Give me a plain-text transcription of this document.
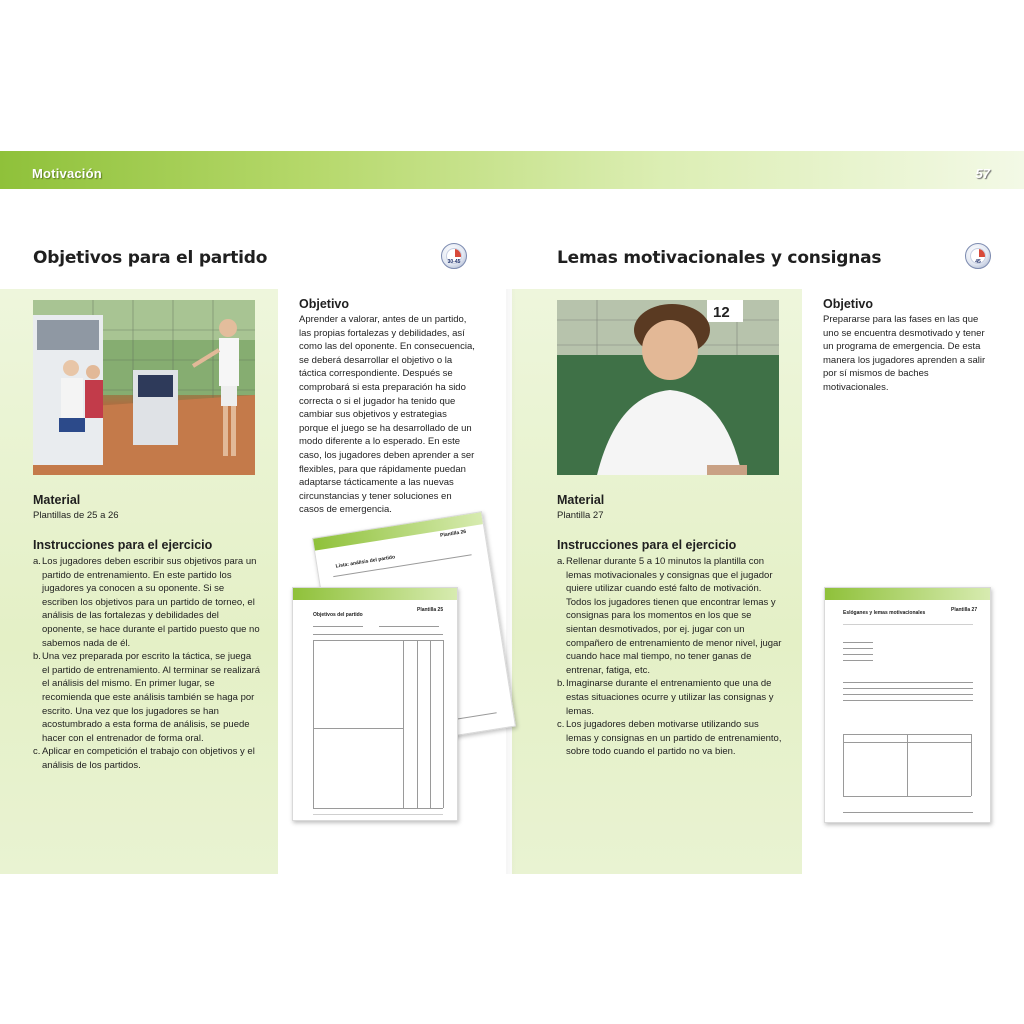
Motivación	57
Objetivos para el partido	30-45	Lemas motivacionales y consignas	45
12
Material
Plantillas de 25 a 26
Instrucciones para el ejercicio
a. Los jugadores deben escribir sus objetivos para un partido de entrenamiento. En este partido los jugadores ya conocen a su oponente. Si se escriben los objetivos para un partido de torneo, el análisis de las fortalezas y debilidades del oponente, se hace durante el partido puesto que no sabemos nada de él.
b. Una vez preparada por escrito la táctica, se juega el partido de entrenamiento. Al terminar se realizará el análisis del mismo. En primer lugar, se recomienda que este análisis también se haga por escrito. Una vez que los jugadores se han acostumbrado a esta forma de análisis, se puede hacer con el entrenador de forma oral.
c. Aplicar en competición el trabajo con objetivos y el análisis de los partidos.
Objetivo
Aprender a valorar, antes de un partido, las propias fortalezas y debilidades, así como las del oponente. En consecuencia, se deberá desarrollar el objetivo o la táctica correspondiente. Después se comprobará si esta preparación ha sido correcta o si el jugador ha tenido que cambiar sus objetivos y estrategias porque el juego se ha desarrollado de un modo diferente a lo esperado. En este caso, los jugadores deben aprender a ser flexibles, para que rápidamente puedan adaptarse tácticamente a las nuevas circunstancias y tener soluciones en casos de emergencia.
Lista: análisis del partido
Plantilla 26
Objetivos del partido
Plantilla 25
Material
Plantilla 27
Instrucciones para el ejercicio
a. Rellenar durante 5 a 10 minutos la plantilla con lemas motivacionales y consignas que el jugador quiere utilizar cuando esté falto de motivación. Todos los jugadores tienen que encontrar lemas y consignas para los momentos en los que se sientan desmotivados, por ej. jugar con un compañero de entrenamiento de menor nivel, jugar cuando hace mal tiempo, no tener ganas de entrenar, fatiga, etc.
b. Imaginarse durante el entrenamiento que una de estas situaciones ocurre y utilizar las consignas y lemas.
c. Los jugadores deben motivarse utilizando sus lemas y consignas en un partido de entrenamiento, sobre todo cuando el partido no va bien.
Objetivo
Prepararse para las fases en las que uno se encuentra desmotivado y tener un programa de emergencia. De esta manera los jugadores aprenden a salir por sí mismos de baches motivacionales.
Eslóganes y lemas motivacionales	Plantilla 27
